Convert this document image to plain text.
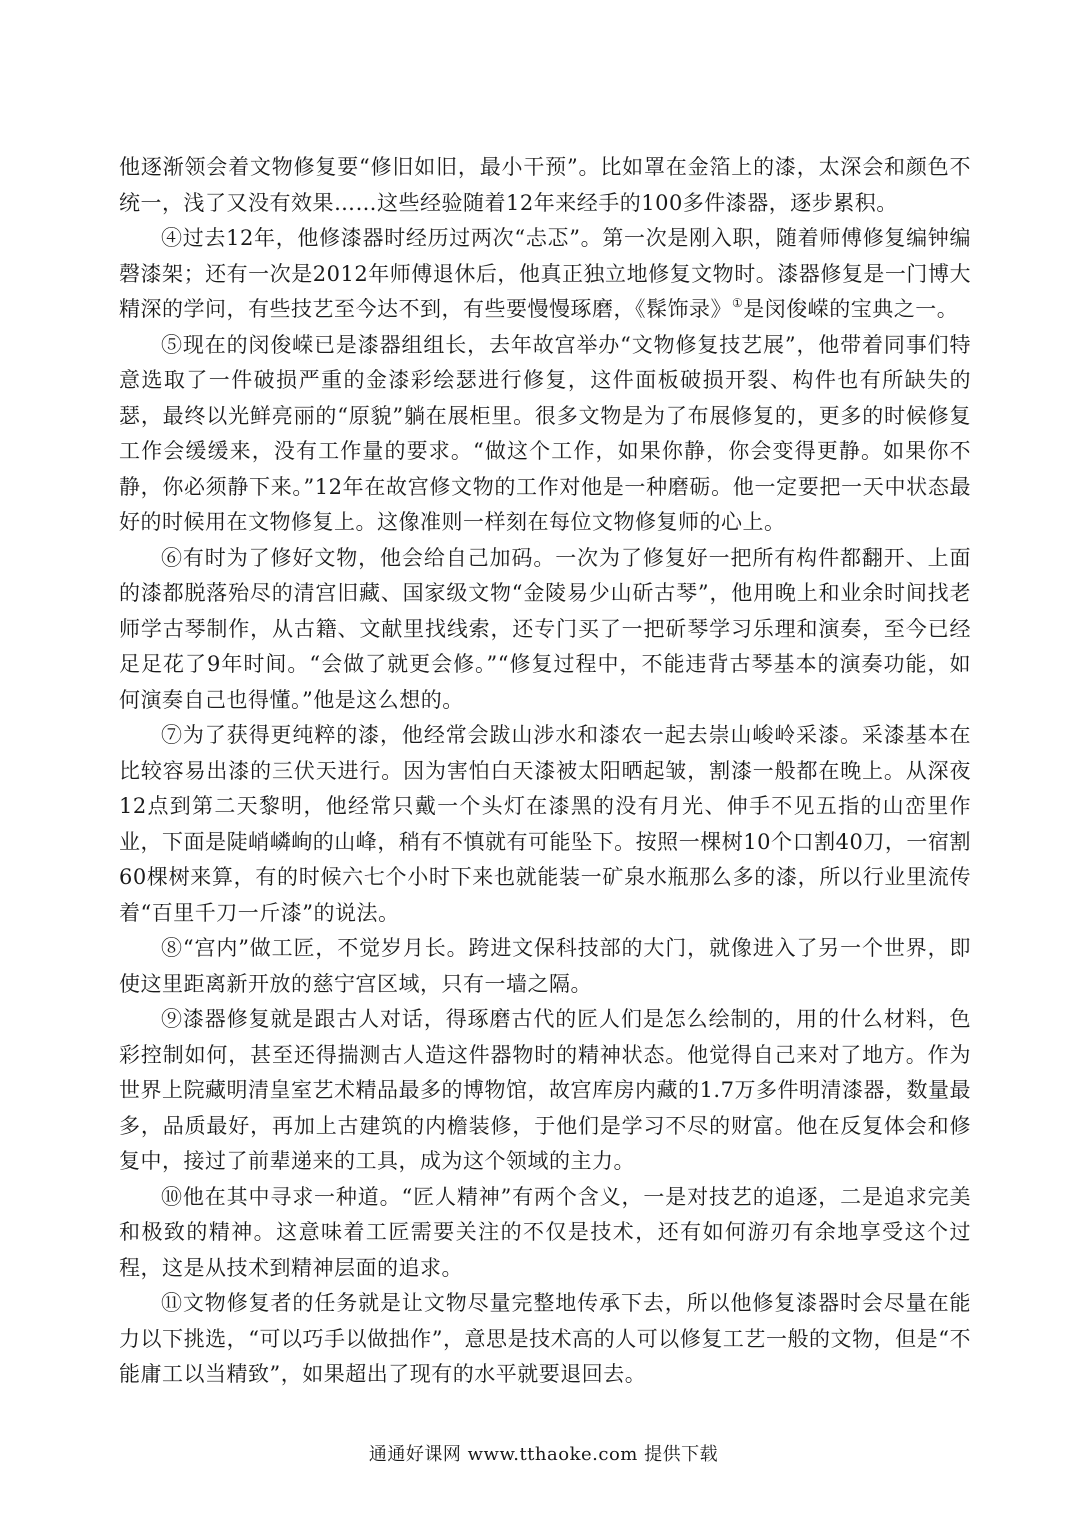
他逐渐领会着文物修复要“修旧如旧，最小干预”。比如罩在金箔上的漆，太深会和颜色不统一，浅了又没有效果……这些经验随着12年来经手的100多件漆器，逐步累积。

④过去12年，他修漆器时经历过两次“忐忑”。第一次是刚入职，随着师傅修复编钟编磬漆架；还有一次是2012年师傅退休后，他真正独立地修复文物时。漆器修复是一门博大精深的学问，有些技艺至今达不到，有些要慢慢琢磨，《髹饰录》①是闵俊嵘的宝典之一。

⑤现在的闵俊嵘已是漆器组组长，去年故宫举办“文物修复技艺展”，他带着同事们特意选取了一件破损严重的金漆彩绘瑟进行修复，这件面板破损开裂、构件也有所缺失的瑟，最终以光鲜亮丽的“原貌”躺在展柜里。很多文物是为了布展修复的，更多的时候修复工作会缓缓来，没有工作量的要求。“做这个工作，如果你静，你会变得更静。如果你不静，你必须静下来。”12年在故宫修文物的工作对他是一种磨砺。他一定要把一天中状态最好的时候用在文物修复上。这像准则一样刻在每位文物修复师的心上。

⑥有时为了修好文物，他会给自己加码。一次为了修复好一把所有构件都翻开、上面的漆都脱落殆尽的清宫旧藏、国家级文物“金陵易少山斫古琴”，他用晚上和业余时间找老师学古琴制作，从古籍、文献里找线索，还专门买了一把斫琴学习乐理和演奏，至今已经足足花了9年时间。“会做了就更会修。”“修复过程中，不能违背古琴基本的演奏功能，如何演奏自己也得懂。”他是这么想的。

⑦为了获得更纯粹的漆，他经常会跋山涉水和漆农一起去崇山峻岭采漆。采漆基本在比较容易出漆的三伏天进行。因为害怕白天漆被太阳晒起皱，割漆一般都在晚上。从深夜12点到第二天黎明，他经常只戴一个头灯在漆黑的没有月光、伸手不见五指的山峦里作业，下面是陡峭嶙峋的山峰，稍有不慎就有可能坠下。按照一棵树10个口割40刀，一宿割60棵树来算，有的时候六七个小时下来也就能装一矿泉水瓶那么多的漆，所以行业里流传着“百里千刀一斤漆”的说法。

⑧“宫内”做工匠，不觉岁月长。跨进文保科技部的大门，就像进入了另一个世界，即使这里距离新开放的慈宁宫区域，只有一墙之隔。

⑨漆器修复就是跟古人对话，得琢磨古代的匠人们是怎么绘制的，用的什么材料，色彩控制如何，甚至还得揣测古人造这件器物时的精神状态。他觉得自己来对了地方。作为世界上院藏明清皇室艺术精品最多的博物馆，故宫库房内藏的1.7万多件明清漆器，数量最多，品质最好，再加上古建筑的内檐装修，于他们是学习不尽的财富。他在反复体会和修复中，接过了前辈递来的工具，成为这个领域的主力。

⑩他在其中寻求一种道。“匠人精神”有两个含义，一是对技艺的追逐，二是追求完美和极致的精神。这意味着工匠需要关注的不仅是技术，还有如何游刃有余地享受这个过程，这是从技术到精神层面的追求。

⑪文物修复者的任务就是让文物尽量完整地传承下去，所以他修复漆器时会尽量在能力以下挑选，“可以巧手以做拙作”，意思是技术高的人可以修复工艺一般的文物，但是“不能庸工以当精致”，如果超出了现有的水平就要退回去。

通通好课网 www.tthaoke.com 提供下载
